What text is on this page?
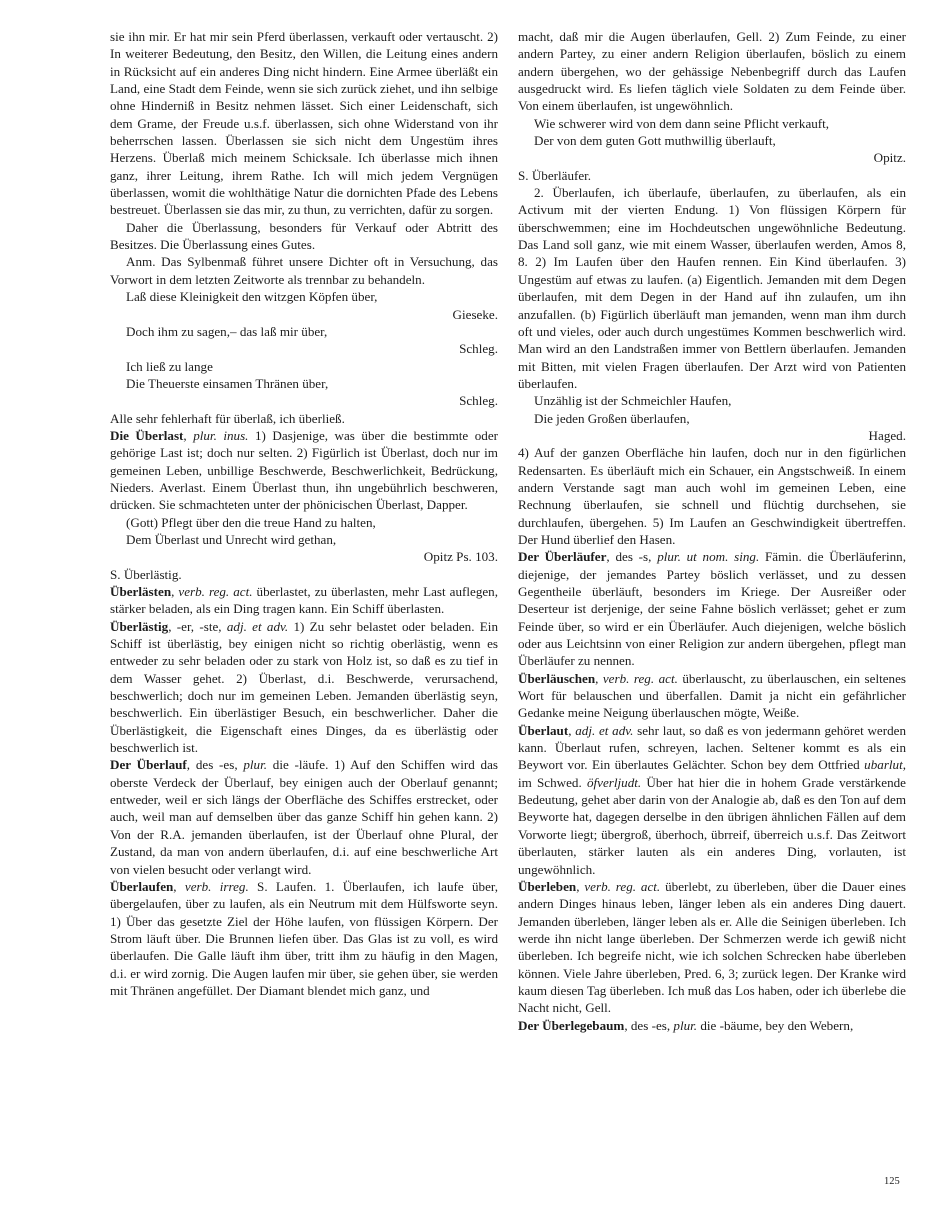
sie ihn mir. Er hat mir sein Pferd überlassen, verkauft oder vertauscht. 2) In weiterer Bedeutung, den Besitz, den Willen, die Leitung eines andern in Rücksicht auf ein anderes Ding nicht hindern. Eine Armee überläßt ein Land, eine Stadt dem Feinde, wenn sie sich zurück ziehet, und ihn selbige ohne Hinderniß in Besitz nehmen lässet. Sich einer Leidenschaft, sich dem Grame, der Freude u.s.f. überlassen, sich ohne Widerstand von ihr beherrschen lassen. Überlassen sie sich nicht dem Ungestüm ihres Herzens. Überlaß mich meinem Schicksale. Ich überlasse mich ihnen ganz, ihrer Leitung, ihrem Rathe. Ich will mich jedem Vergnügen überlassen, womit die wohlthätige Natur die dornichten Pfade des Lebens bestreuet. Überlassen sie das mir, zu thun, zu verrichten, dafür zu sorgen.

Daher die Überlassung, besonders für Verkauf oder Abtritt des Besitzes. Die Überlassung eines Gutes.

Anm. Das Sylbenmaß führet unsere Dichter oft in Versuchung, das Vorwort in dem letzten Zeitworte als trennbar zu behandeln.

Laß diese Kleinigkeit den witzgen Köpfen über,

Gieseke.

Doch ihm zu sagen,– das laß mir über,

Schleg.

Ich ließ zu lange

Die Theuerste einsamen Thränen über,

Schleg.

Alle sehr fehlerhaft für überlaß, ich überließ.

Die Überlast, plur. inus. 1) Dasjenige, was über die bestimmte oder gehörige Last ist; doch nur selten. 2) Figürlich ist Überlast, doch nur im gemeinen Leben, unbillige Beschwerde, Beschwerlichkeit, Bedrückung, Nieders. Averlast. Einem Überlast thun, ihn ungebührlich beschweren, drücken. Sie schmachteten unter der phönicischen Überlast, Dapper.

(Gott) Pflegt über den die treue Hand zu halten,

Dem Überlast und Unrecht wird gethan,

Opitz Ps. 103.

S. Überlästig.

Überlästen, verb. reg. act. überlastet, zu überlasten, mehr Last auflegen, stärker beladen, als ein Ding tragen kann. Ein Schiff überlasten.

Überlästig, -er, -ste, adj. et adv. 1) Zu sehr belastet oder beladen. Ein Schiff ist überlästig, bey einigen nicht so richtig oberlästig, wenn es entweder zu sehr beladen oder zu stark von Holz ist, so daß es zu tief in dem Wasser gehet. 2) Überlast, d.i. Beschwerde, verursachend, beschwerlich; doch nur im gemeinen Leben. Jemanden überlästig seyn, beschwerlich. Ein überlästiger Besuch, ein beschwerlicher. Daher die Überlästigkeit, die Eigenschaft eines Dinges, da es überlästig oder beschwerlich ist.

Der Überlauf, des -es, plur. die -läufe. 1) Auf den Schiffen wird das oberste Verdeck der Überlauf, bey einigen auch der Oberlauf genannt; entweder, weil er sich längs der Oberfläche des Schiffes erstrecket, oder auch, weil man auf demselben über das ganze Schiff hin gehen kann. 2) Von der R.A. jemanden überlaufen, ist der Überlauf ohne Plural, der Zustand, da man von andern überlaufen, d.i. auf eine beschwerliche Art von vielen besucht oder verlangt wird.

Überlaufen, verb. irreg. S. Laufen. 1. Überlaufen, ich laufe über, übergelaufen, über zu laufen, als ein Neutrum mit dem Hülfsworte seyn. 1) Über das gesetzte Ziel der Höhe laufen, von flüssigen Körpern. Der Strom läuft über. Die Brunnen liefen über. Das Glas ist zu voll, es wird überlaufen. Die Galle läuft ihm über, tritt ihm zu häufig in den Magen, d.i. er wird zornig. Die Augen laufen mir über, sie gehen über, sie werden mit Thränen angefüllet. Der Diamant blendet mich ganz, und

macht, daß mir die Augen überlaufen, Gell. 2) Zum Feinde, zu einer andern Partey, zu einer andern Religion überlaufen, böslich zu einem andern übergehen, wo der gehässige Nebenbegriff durch das Laufen ausgedruckt wird. Es liefen täglich viele Soldaten zu dem Feinde über. Von einem überlaufen, ist ungewöhnlich.

Wie schwerer wird von dem dann seine Pflicht verkauft,

Der von dem guten Gott muthwillig überlauft,

Opitz.

S. Überläufer.

2. Überlaufen, ich überlaufe, überlaufen, zu überlaufen, als ein Activum mit der vierten Endung. 1) Von flüssigen Körpern für überschwemmen; eine im Hochdeutschen ungewöhnliche Bedeutung. Das Land soll ganz, wie mit einem Wasser, überlaufen werden, Amos 8, 8. 2) Im Laufen über den Haufen rennen. Ein Kind überlaufen. 3) Ungestüm auf etwas zu laufen. (a) Eigentlich. Jemanden mit dem Degen überlaufen, mit dem Degen in der Hand auf ihn zulaufen, um ihn anzufallen. (b) Figürlich überläuft man jemanden, wenn man ihm durch oft und vieles, oder auch durch ungestümes Kommen beschwerlich wird. Man wird an den Landstraßen immer von Bettlern überlaufen. Jemanden mit Bitten, mit vielen Fragen überlaufen. Der Arzt wird von Patienten überlaufen.

Unzählig ist der Schmeichler Haufen,

Die jeden Großen überlaufen,

Haged.

4) Auf der ganzen Oberfläche hin laufen, doch nur in den figürlichen Redensarten. Es überläuft mich ein Schauer, ein Angstschweiß. In einem andern Verstande sagt man auch wohl im gemeinen Leben, eine Rechnung überlaufen, sie schnell und flüchtig durchsehen, sie durchlaufen, übergehen. 5) Im Laufen an Geschwindigkeit übertreffen. Der Hund überlief den Hasen.

Der Überläufer, des -s, plur. ut nom. sing. Fämin. die Überläuferinn, diejenige, der jemandes Partey böslich verlässet, und zu dessen Gegentheile überläuft, besonders im Kriege. Der Ausreißer oder Deserteur ist derjenige, der seine Fahne böslich verlässet; gehet er zum Feinde über, so wird er ein Überläufer. Auch diejenigen, welche böslich oder aus Leichtsinn von einer Religion zur andern übergehen, pflegt man Überläufer zu nennen.

Überläuschen, verb. reg. act. überlauscht, zu überlauschen, ein seltenes Wort für belauschen und überfallen. Damit ja nicht ein gefährlicher Gedanke meine Neigung überlauschen mögte, Weiße.

Überlaut, adj. et adv. sehr laut, so daß es von jedermann gehöret werden kann. Überlaut rufen, schreyen, lachen. Seltener kommt es als ein Beywort vor. Ein überlautes Gelächter. Schon bey dem Ottfried ubarlut, im Schwed. öfverljudt. Über hat hier die in hohem Grade verstärkende Bedeutung, gehet aber darin von der Analogie ab, daß es den Ton auf dem Beyworte hat, dagegen derselbe in den übrigen ähnlichen Fällen auf dem Vorworte liegt; übergroß, überhoch, übrreif, überreich u.s.f. Das Zeitwort überlauten, stärker lauten als ein anderes Ding, vorlauten, ist ungewöhnlich.

Überleben, verb. reg. act. überlebt, zu überleben, über die Dauer eines andern Dinges hinaus leben, länger leben als ein anderes Ding dauert. Jemanden überleben, länger leben als er. Alle die Seinigen überleben. Ich werde ihn nicht lange überleben. Der Schmerzen werde ich gewiß nicht überleben. Ich begreife nicht, wie ich solchen Schrecken habe überleben können. Viele Jahre überleben, Pred. 6, 3; zurück legen. Der Kranke wird kaum diesen Tag überleben. Ich muß das Los haben, oder ich überlebe die Nacht nicht, Gell.

Der Überlegebaum, des -es, plur. die -bäume, bey den Webern,

125
